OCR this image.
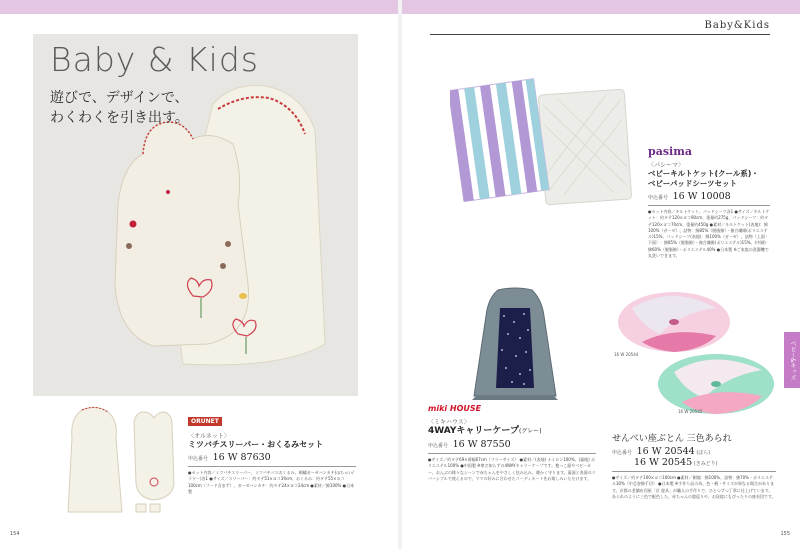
Baby&Kids
Baby & Kids
遊びで、デザインで、
わくわくを引き出す。
ORUNET
〈オルネット〉
ミツバチスリーパー・おくるみセット
申込番号 16 W 87630
●セット内容／ミツバチスリーパー、ミツバチパスおくるみ、刺繍ガーゼハンカチ(ほちゃい/ラワー)各1 ●サイズ／スリーパー：約タテ51×ヨコ39cm、おくるみ：約タテ55×ヨコ100cm（フード含まず）、ガーゼハンカチ：約タテ24×ヨコ24cm ●素材／綿100% ●日本製
154
pasima
〈パシーマ〉
ベビーキルトケット(クール系)・
ベビーパッドシーツセット
申込番号 16 W 10008
●セット内容／キルトケット、パッドシーツ各1 ●サイズ／キルトケット：約タテ120×ヨコ90cm、重量約275g、パッドシーツ：約タテ120×ヨコ70cm、重量約450g ●素材／キルトケット(表地)：綿100%（ガーゼ）、詰物：綿85%（脱脂綿）・複合繊維(ポリエステル)15%、パッドシーツ(表地)：綿100%（ガーゼ）、詰物（上面・下面）：綿85%（脱脂綿）・複合繊維(ポリエステル)15%、(中層)：綿60%（脱脂綿）・ポリエステル40% ●日本製 ※ご家庭の洗濯機で丸洗いできます。
miki HOUSE
〈ミキハウス〉
4WAYキャリーケープ(グレー)
申込番号 16 W 87550
●サイズ／約タテ69×着幅67cm（フリーサイズ） ●素材／(表地) ナイロン100%、(裏地) ポリエステル100% ●中国製 ※寒さ知らずの4WAYキャリーケープです。抱っこ紐やベビーカー、おんぶの様々なシーンで赤ちゃんをやさしく包み込み、暖かく守ります。裏面と表面のリバーシブルで使えるので、ママの好みに合わせたコーディネートをお楽しみいただけます。
16 W 20544
16 W 20545
せんべい座ぶとん 三色あられ
申込番号 16 W 20544 (ばら)
16 W 20545 (きみどり)
●サイズ／約タテ100×ヨコ100cm ●素材／側地：綿100%、詰物：綿70%・ポリエステル30%（中芯巻綿千切） ●日本製 ※手作り品の為、色・柄・サイズが異なる場合があります。京都の老舗布団屋「京 寝具」が職人の手作りで、ひとつずつ丁寧に仕上げています。あられのように三色で配色した、赤ちゃんの寝返りや、お昼寝にもぴったりの座布団です。
ベビー&キッズ
155
